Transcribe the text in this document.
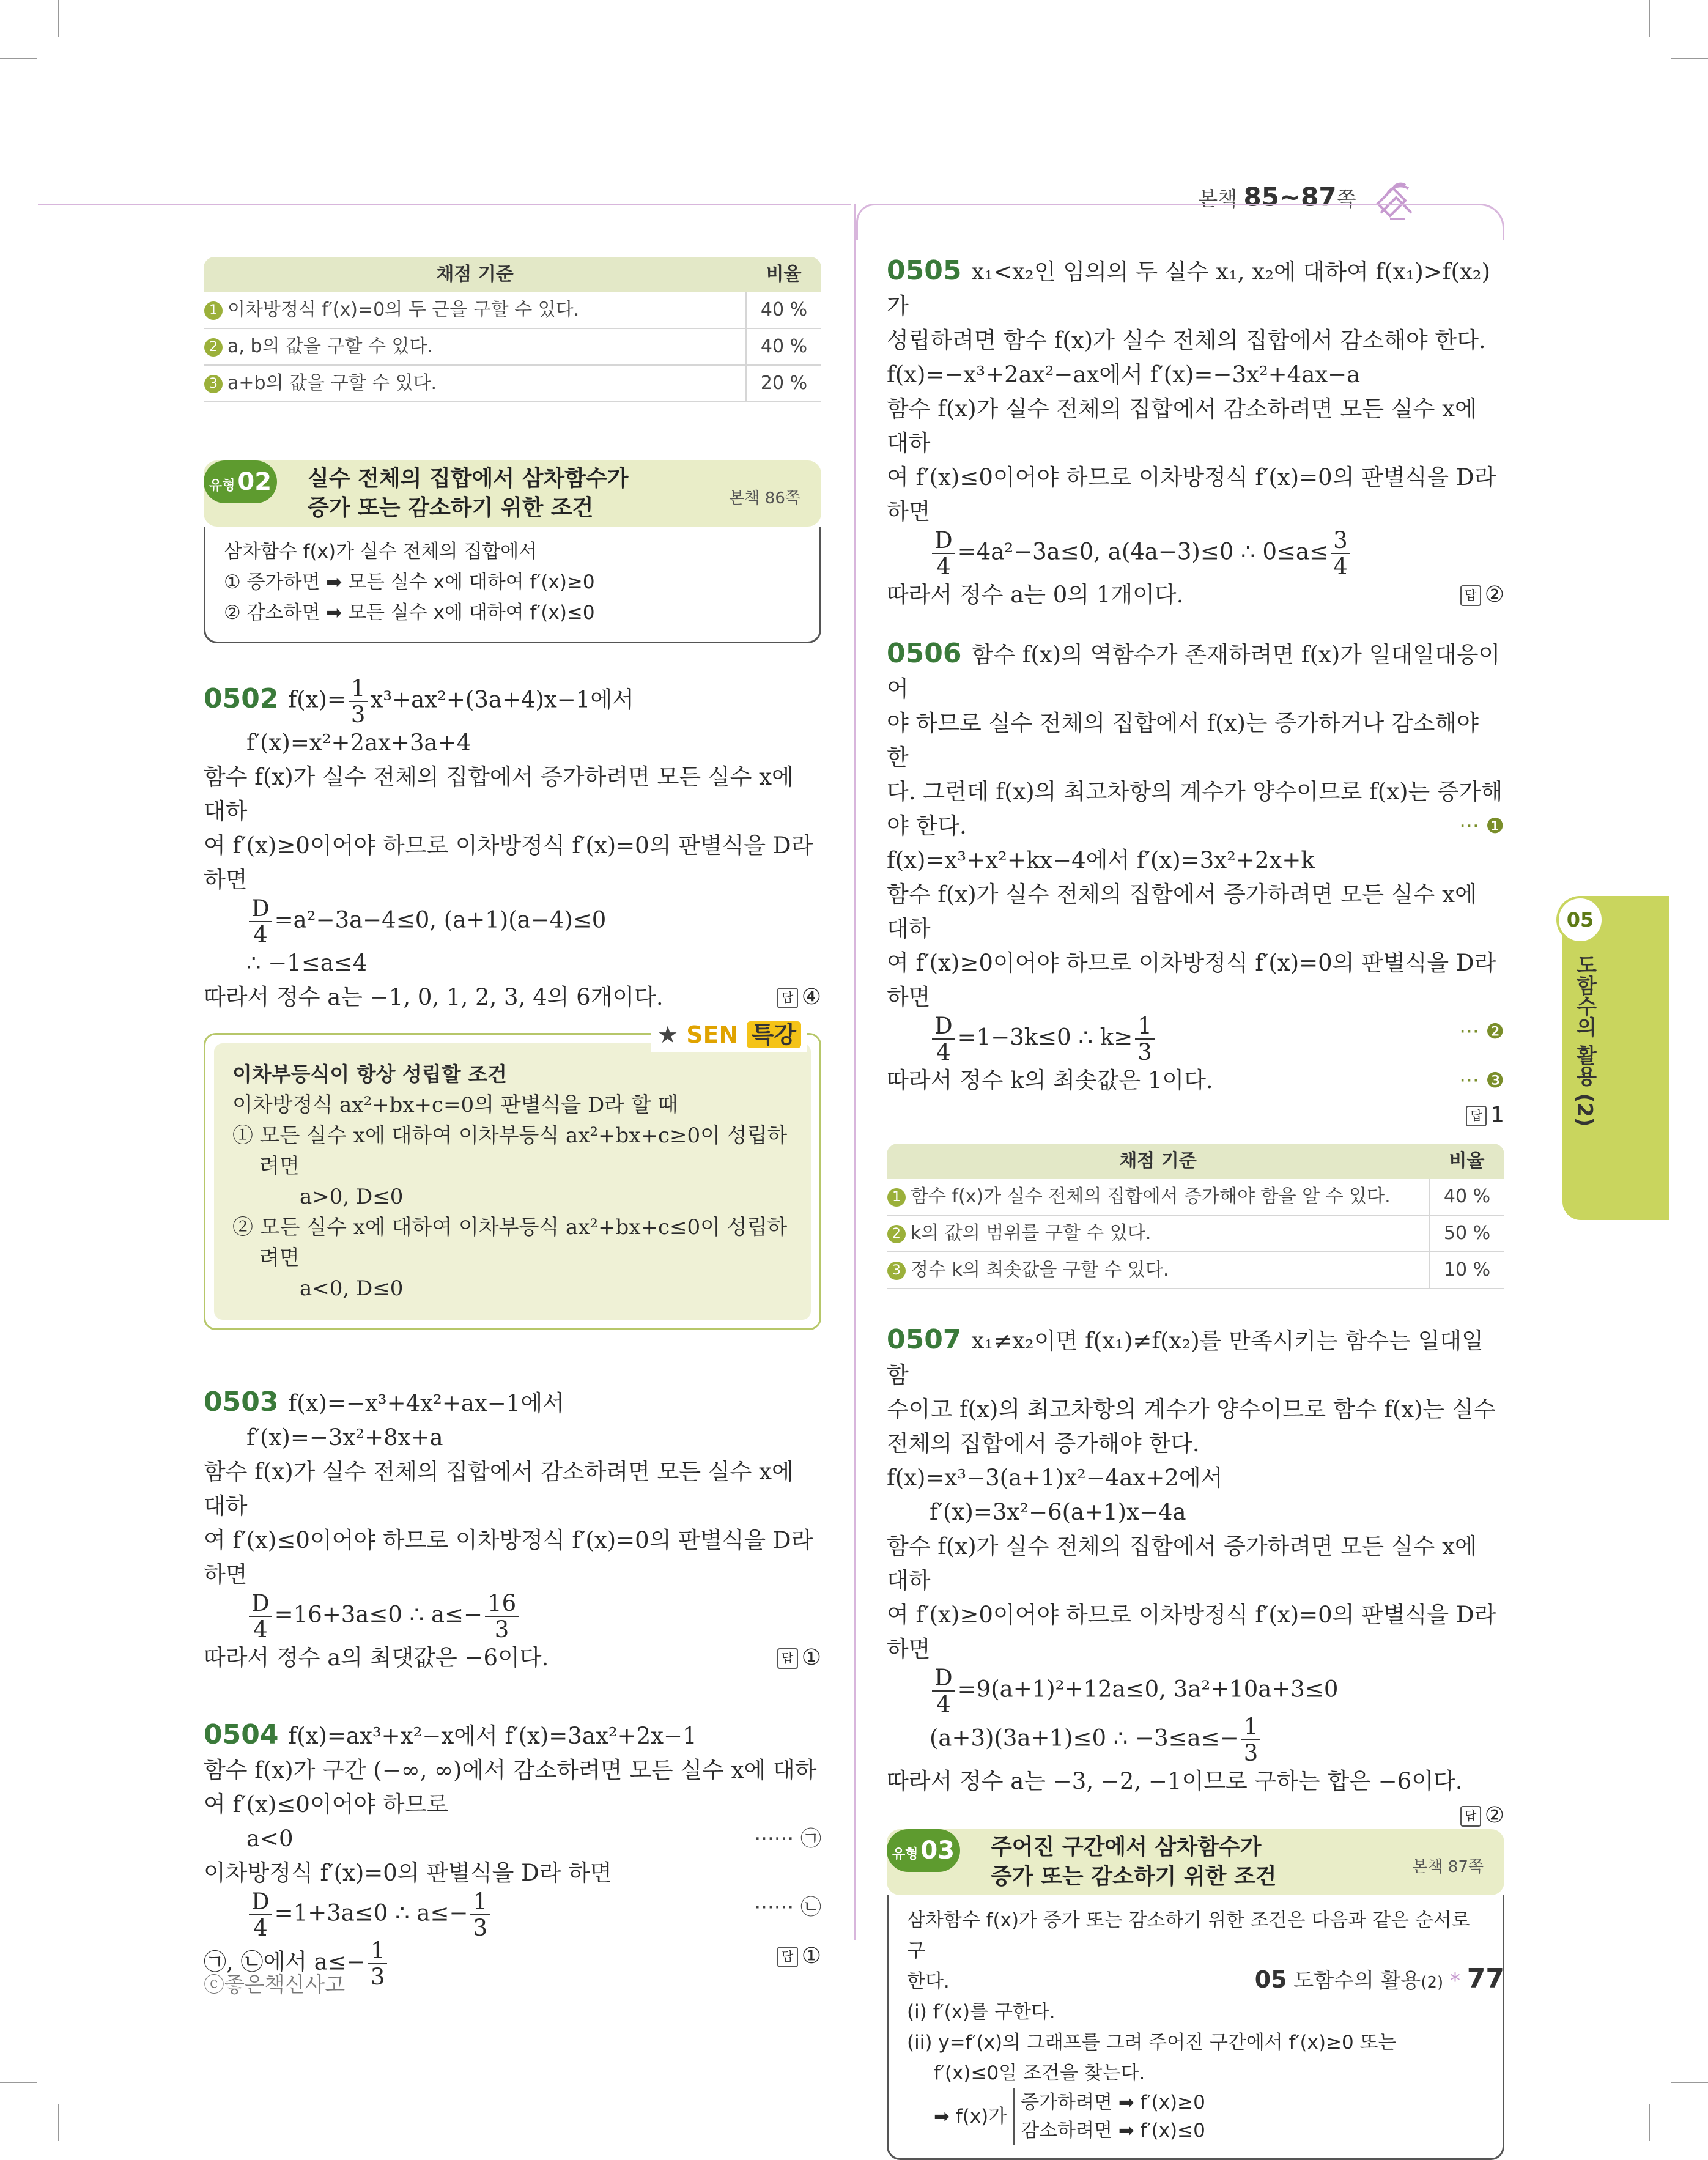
본책 85~87쪽
05
도함수의 활용 (2)
채점 기준	비율
1 이차방정식 f′(x)=0의 두 근을 구할 수 있다.	40 %
2 a, b의 값을 구할 수 있다.	40 %
3 a+b의 값을 구할 수 있다.	20 %
유형 02 실수 전체의 집합에서 삼차함수가
증가 또는 감소하기 위한 조건	본책 86쪽
삼차함수 f(x)가 실수 전체의 집합에서
① 증가하면 ➡ 모든 실수 x에 대하여 f′(x)≥0
② 감소하면 ➡ 모든 실수 x에 대하여 f′(x)≤0

0502 $f(x)= \frac{1}{3} x^3+ax^2+(3a+4)x-1$에서

f′(x)=x²+2ax+3a+4

함수 f(x)가 실수 전체의 집합에서 증가하려면 모든 실수 x에 대하

여 f′(x)≥0이어야 하므로 이차방정식 f′(x)=0의 판별식을 D라

하면

$\frac{D}{4} =a^2-3a-4\le 0$, (a+1)(a−4)≤0

∴ −1≤a≤4

따라서 정수 a는 −1, 0, 1, 2, 3, 4의 6개이다.	답 ④

★ SEN 특강
이차부등식이 항상 성립할 조건
이차방정식 ax²+bx+c=0의 판별식을 D라 할 때
① 모든 실수 x에 대하여 이차부등식 ax²+bx+c≥0이 성립하
려면
a>0, D≤0
② 모든 실수 x에 대하여 이차부등식 ax²+bx+c≤0이 성립하
려면
a<0, D≤0

0503 f(x)=−x³+4x²+ax−1에서

f′(x)=−3x²+8x+a

함수 f(x)가 실수 전체의 집합에서 감소하려면 모든 실수 x에 대하

여 f′(x)≤0이어야 하므로 이차방정식 f′(x)=0의 판별식을 D라

하면

$\frac{D}{4} =16+3a\le 0$ ∴ $a\le- \frac{16}{3}$

따라서 정수 a의 최댓값은 −6이다.	답 ①

0504 f(x)=ax³+x²−x에서 f′(x)=3ax²+2x−1

함수 f(x)가 구간 (−∞, ∞)에서 감소하려면 모든 실수 x에 대하

여 f′(x)≤0이어야 하므로

a<0	······ ㉠

이차방정식 f′(x)=0의 판별식을 D라 하면

$\frac{D}{4} =1+3a\le 0$ ∴ $a\le- \frac{1}{3}$	······ ㉡

㉠, ㉡에서 $a\le- \frac{1}{3}$	답 ①

0505 x₁<x₂인 임의의 두 실수 x₁, x₂에 대하여 f(x₁)>f(x₂)가

성립하려면 함수 f(x)가 실수 전체의 집합에서 감소해야 한다.

f(x)=−x³+2ax²−ax에서 f′(x)=−3x²+4ax−a

함수 f(x)가 실수 전체의 집합에서 감소하려면 모든 실수 x에 대하

여 f′(x)≤0이어야 하므로 이차방정식 f′(x)=0의 판별식을 D라

하면

$\frac{D}{4} =4a^2-3a\le 0$, a(4a−3)≤0 ∴ $0\le a\le \frac{3}{4}$

따라서 정수 a는 0의 1개이다.	답 ②

0506 함수 f(x)의 역함수가 존재하려면 f(x)가 일대일대응이어

야 하므로 실수 전체의 집합에서 f(x)는 증가하거나 감소해야 한

다. 그런데 f(x)의 최고차항의 계수가 양수이므로 f(x)는 증가해

야 한다.	··· ❶

f(x)=x³+x²+kx−4에서 f′(x)=3x²+2x+k

함수 f(x)가 실수 전체의 집합에서 증가하려면 모든 실수 x에 대하

여 f′(x)≥0이어야 하므로 이차방정식 f′(x)=0의 판별식을 D라

하면

$\frac{D}{4} =1-3k\le 0$ ∴ $k\ge \frac{1}{3}$	··· ❷

따라서 정수 k의 최솟값은 1이다.	··· ❸

답 1

채점 기준	비율
1 함수 f(x)가 실수 전체의 집합에서 증가해야 함을 알 수 있다.	40 %
2 k의 값의 범위를 구할 수 있다.	50 %
3 정수 k의 최솟값을 구할 수 있다.	10 %

0507 x₁≠x₂이면 f(x₁)≠f(x₂)를 만족시키는 함수는 일대일함

수이고 f(x)의 최고차항의 계수가 양수이므로 함수 f(x)는 실수

전체의 집합에서 증가해야 한다.

f(x)=x³−3(a+1)x²−4ax+2에서

f′(x)=3x²−6(a+1)x−4a

함수 f(x)가 실수 전체의 집합에서 증가하려면 모든 실수 x에 대하

여 f′(x)≥0이어야 하므로 이차방정식 f′(x)=0의 판별식을 D라

하면

$\frac{D}{4} =9(a+1)^2+12a\le 0$, 3a²+10a+3≤0

(a+3)(3a+1)≤0 ∴ $-3\le a\le- \frac{1}{3}$

따라서 정수 a는 −3, −2, −1이므로 구하는 합은 −6이다.
답 ②

유형 03 주어진 구간에서 삼차함수가
증가 또는 감소하기 위한 조건	본책 87쪽
삼차함수 f(x)가 증가 또는 감소하기 위한 조건은 다음과 같은 순서로 구
한다.
(i) f′(x)를 구한다.
(ii) y=f′(x)의 그래프를 그려 주어진 구간에서 f′(x)≥0 또는
f′(x)≤0일 조건을 찾는다.
➡ f(x)가
증가하려면 ➡ f′(x)≥0
감소하려면 ➡ f′(x)≤0
ⓒ좋은책신사고	05 도함수의 활용(2) * 77
